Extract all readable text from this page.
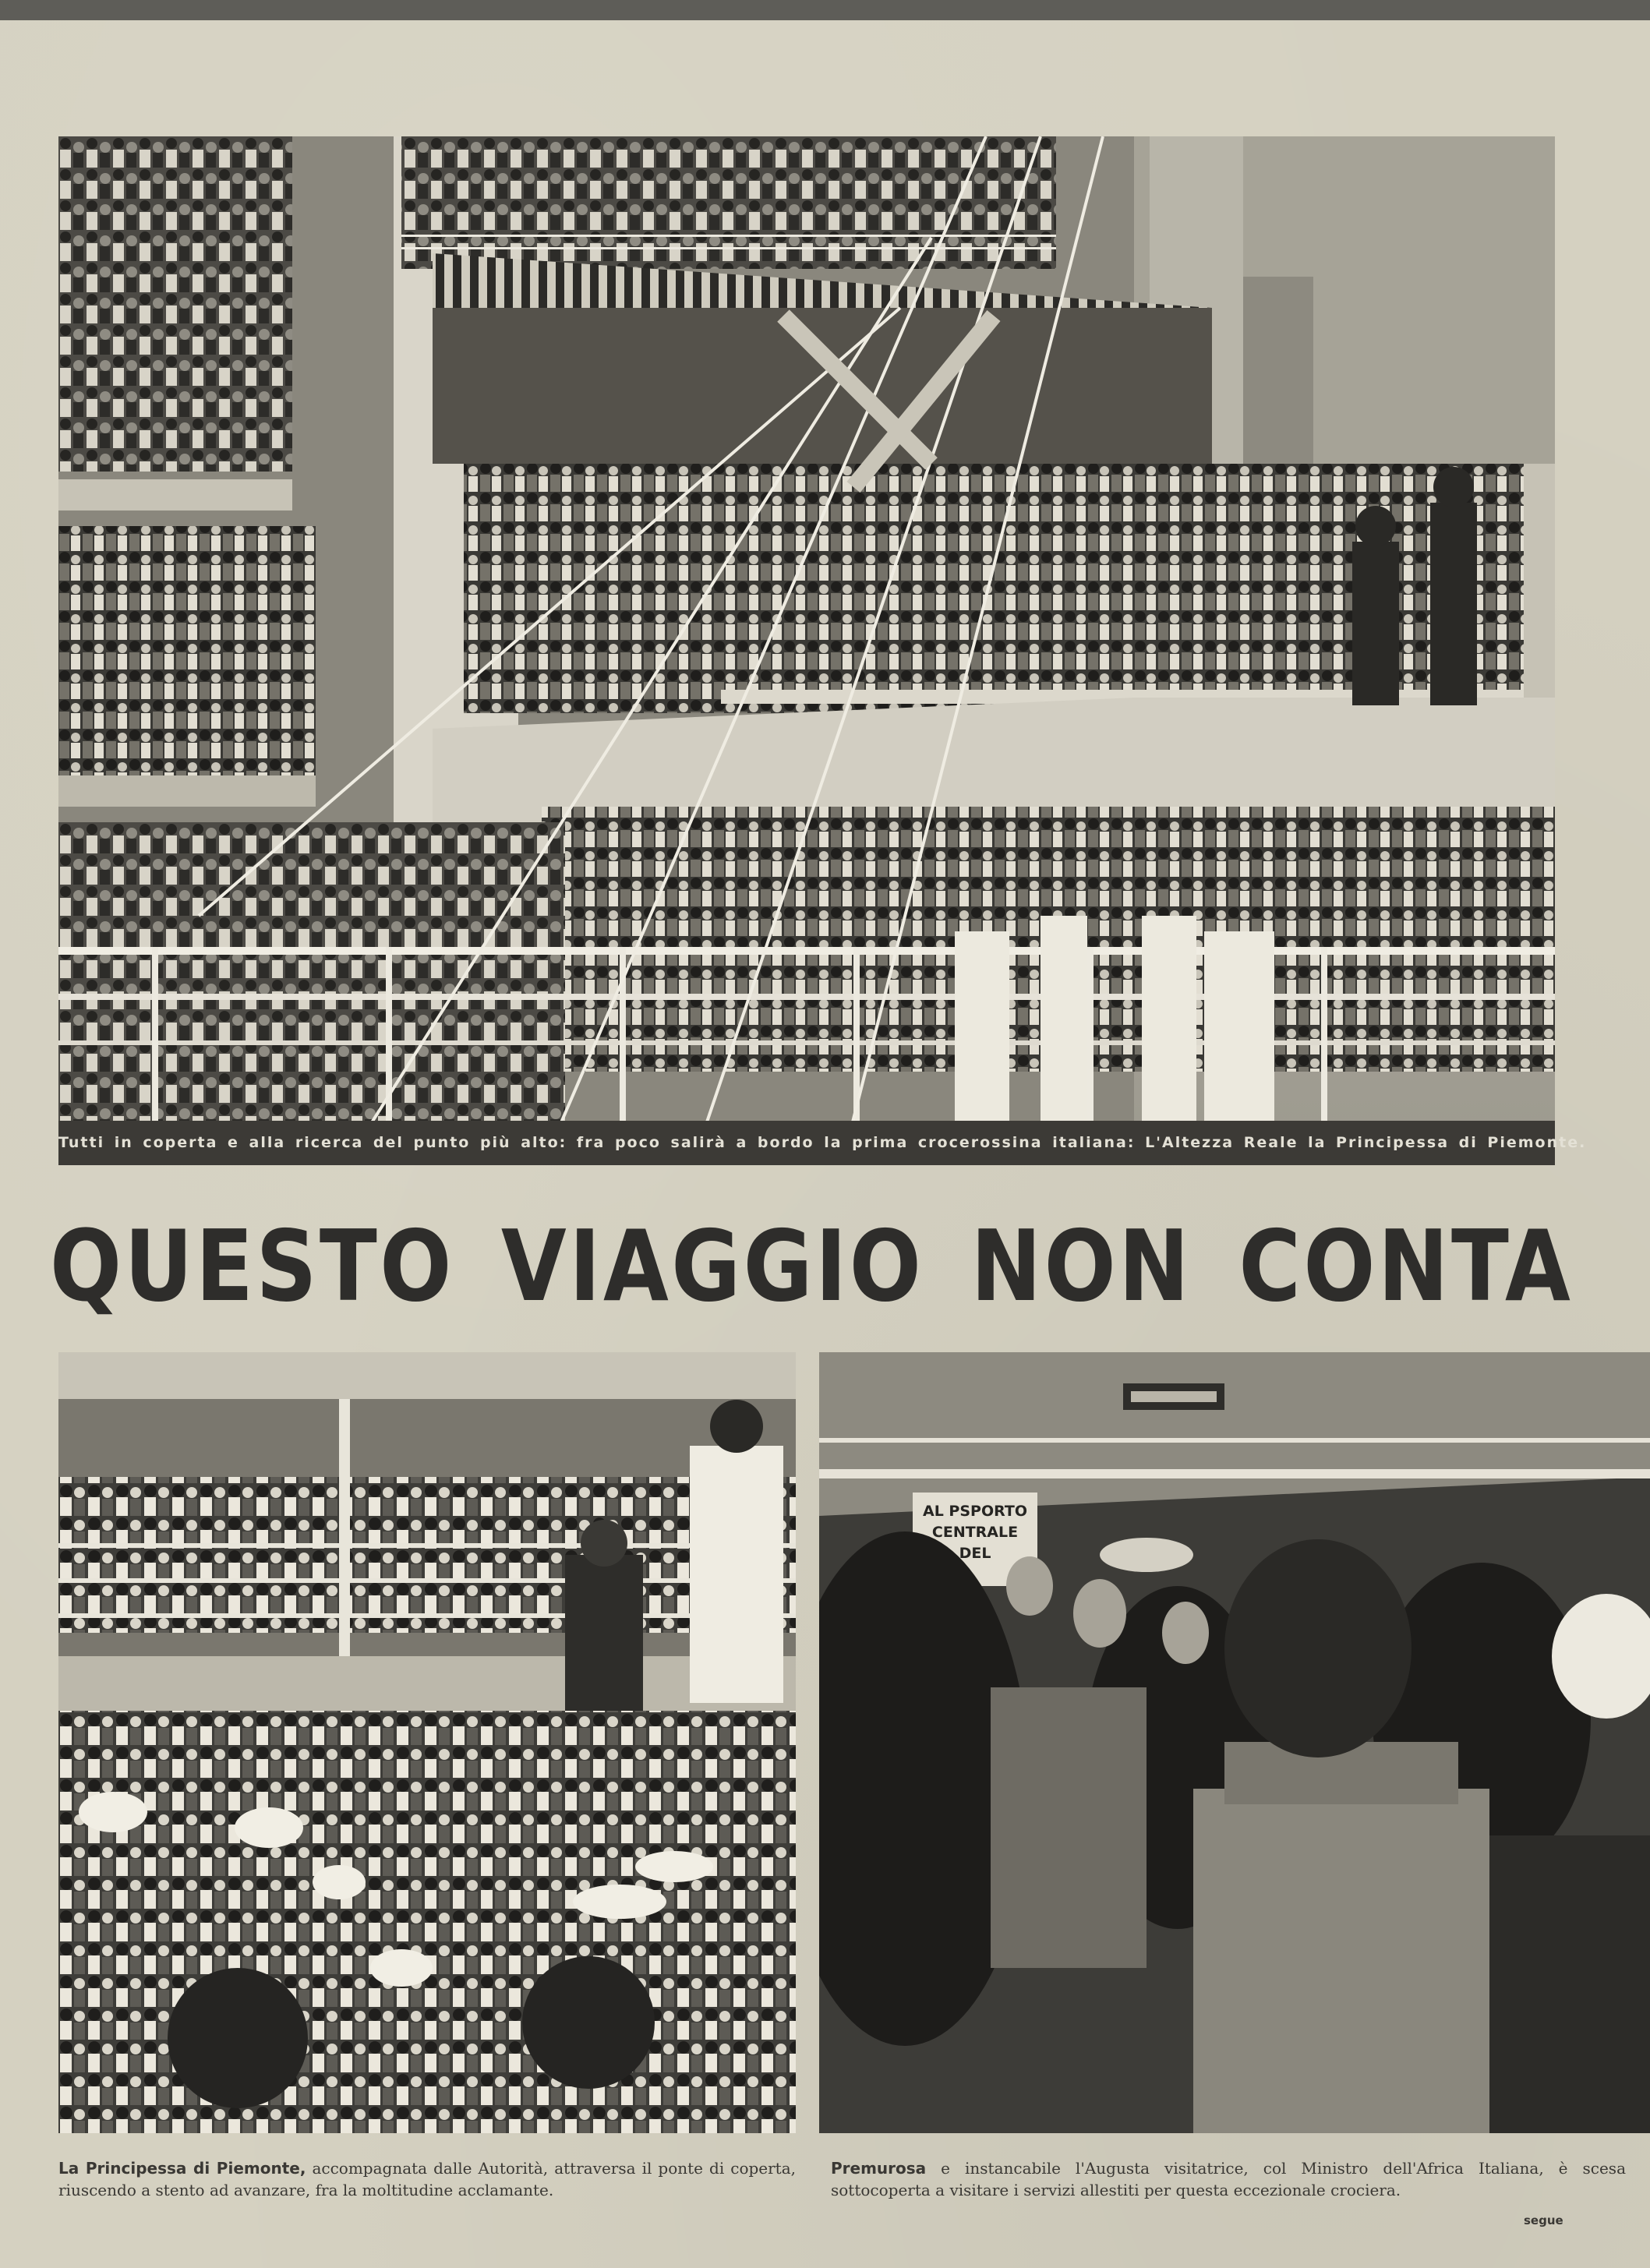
Tutti in coperta e alla ricerca del punto più alto: fra poco salirà a bordo la prima crocerossina italiana: L'Altezza Reale la Principessa di Piemonte.
QUESTO VIAGGIO NON CONTA
AL PSPORTO
CENTRALE
DEL
La Principessa di Piemonte, accompagnata dalle Autorità, attraversa il ponte di coperta, riuscendo a stento ad avanzare, fra la moltitudine acclamante.
Premurosa e instancabile l'Augusta visitatrice, col Ministro dell'Africa Italiana, è scesa sottocoperta a visitare i servizi allestiti per questa eccezionale crociera.
segue
